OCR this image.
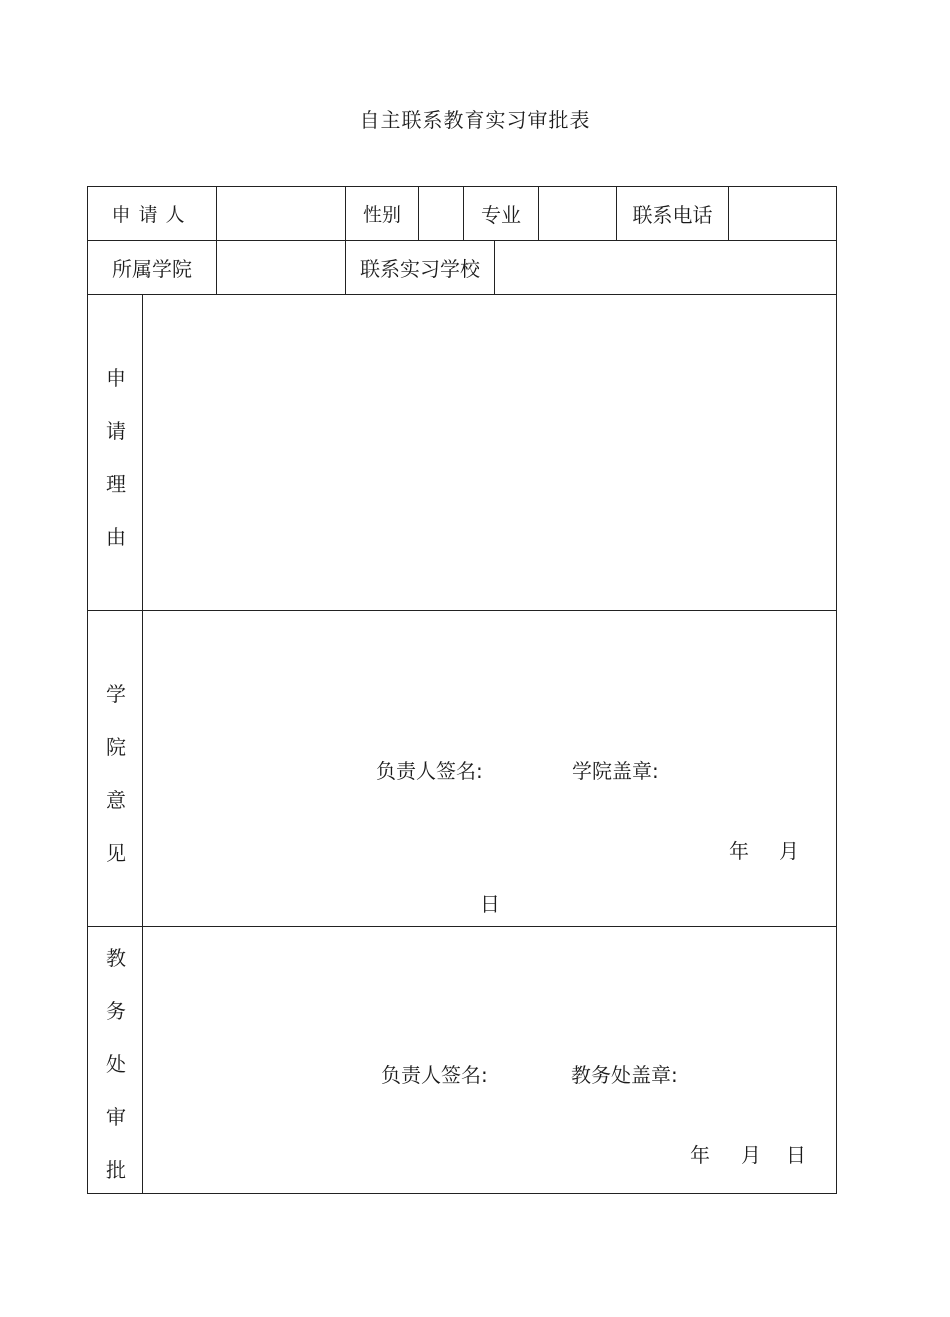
自主联系教育实习审批表
申请人	性别	专业	联系电话
所属学院	联系实习学校
申
请
理
由
学
院
意
见
负责人签名:	学院盖章:
年 月
日
教
务
处
审
批
负责人签名:	教务处盖章:
年 月 日
